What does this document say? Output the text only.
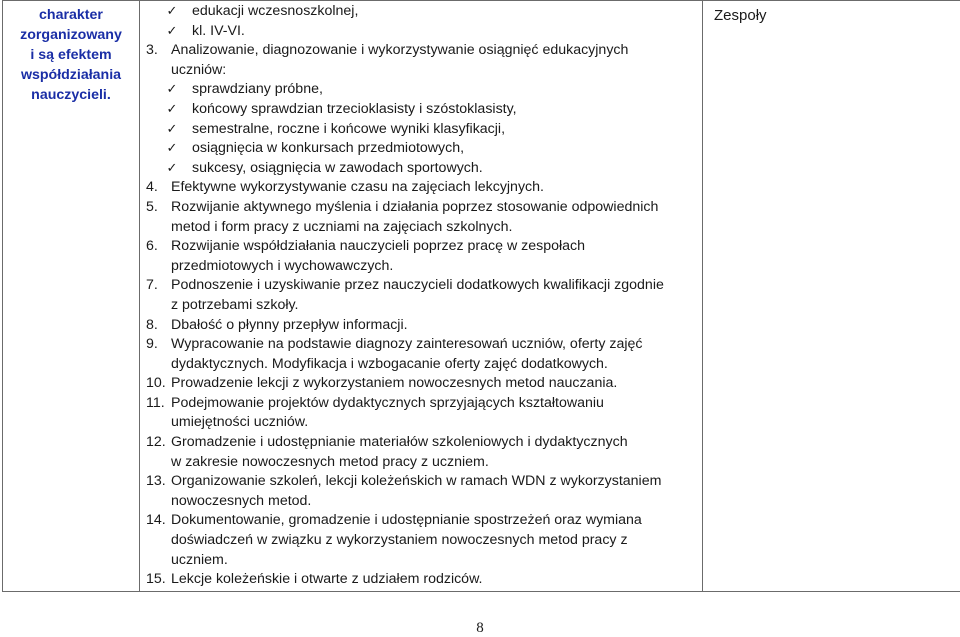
charakter
zorganizowany
i są efektem
współdziałania
nauczycieli.

✓ edukacji wczesnoszkolnej,
✓ kl. IV-VI.
3. Analizowanie, diagnozowanie i wykorzystywanie osiągnięć edukacyjnych
uczniów:
✓ sprawdziany próbne,
✓ końcowy sprawdzian trzecioklasisty i szóstoklasisty,
✓ semestralne, roczne i końcowe wyniki klasyfikacji,
✓ osiągnięcia w konkursach przedmiotowych,
✓ sukcesy, osiągnięcia w zawodach sportowych.
4. Efektywne wykorzystywanie czasu na zajęciach lekcyjnych.
5. Rozwijanie aktywnego myślenia i działania poprzez stosowanie odpowiednich
metod i form pracy z uczniami na zajęciach szkolnych.
6. Rozwijanie współdziałania nauczycieli poprzez pracę w zespołach
przedmiotowych i wychowawczych.
7. Podnoszenie i uzyskiwanie przez nauczycieli dodatkowych kwalifikacji zgodnie
z potrzebami szkoły.
8. Dbałość o płynny przepływ informacji.
9. Wypracowanie na podstawie diagnozy zainteresowań uczniów, oferty zajęć
dydaktycznych. Modyfikacja i wzbogacanie oferty zajęć dodatkowych.
10. Prowadzenie lekcji z wykorzystaniem nowoczesnych metod nauczania.
11. Podejmowanie projektów dydaktycznych sprzyjających kształtowaniu
umiejętności uczniów.
12. Gromadzenie i udostępnianie materiałów szkoleniowych i dydaktycznych
w zakresie nowoczesnych metod pracy z uczniem.
13. Organizowanie szkoleń, lekcji koleżeńskich w ramach WDN z wykorzystaniem
nowoczesnych metod.
14. Dokumentowanie, gromadzenie i udostępnianie spostrzeżeń oraz wymiana
doświadczeń w związku z wykorzystaniem nowoczesnych metod pracy z
uczniem.
15. Lekcje koleżeńskie i otwarte z udziałem rodziców.

Zespoły
8
